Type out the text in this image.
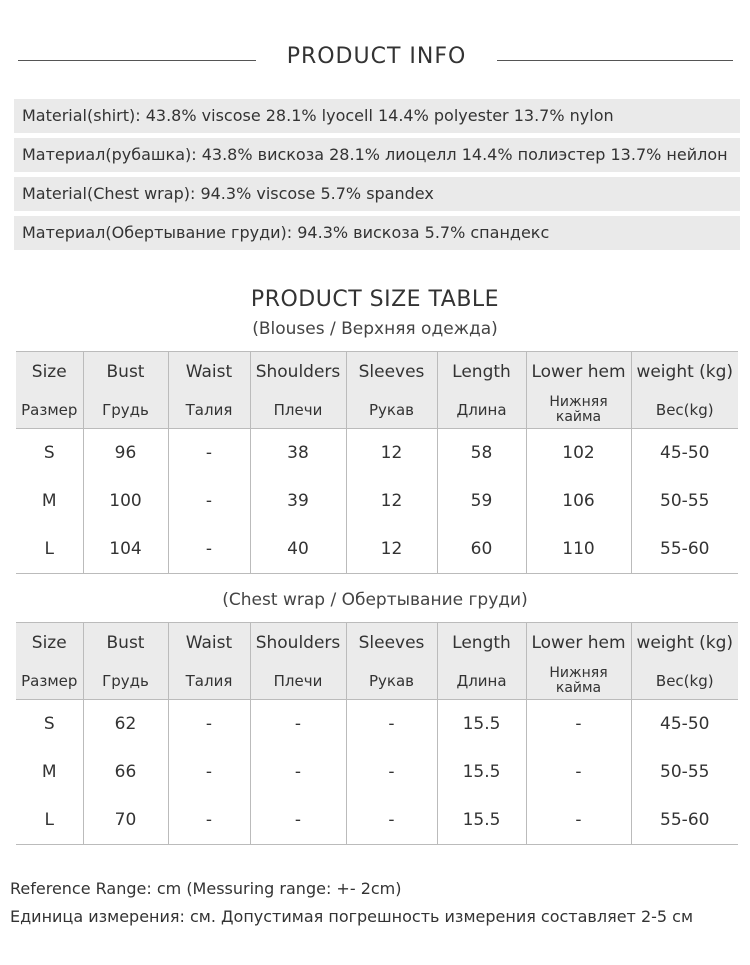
PRODUCT INFO
Material(shirt): 43.8% viscose 28.1% lyocell 14.4% polyester 13.7% nylon
Материал(рубашка): 43.8% вискоза 28.1% лиоцелл 14.4% полиэстер 13.7% нейлон
Material(Chest wrap): 94.3% viscose 5.7% spandex
Материал(Обертывание груди): 94.3% вискоза 5.7% спандекс
PRODUCT SIZE TABLE
(Blouses / Верхняя одежда)
Size	Bust	Waist	Shoulders	Sleeves	Length	Lower hem	weight (kg)
Размер	Грудь	Талия	Плечи	Рукав	Длина	Нижняя кайма	Вес(kg)
S	96	-	38	12	58	102	45-50
M	100	-	39	12	59	106	50-55
L	104	-	40	12	60	110	55-60
(Chest wrap / Обертывание груди)
Size	Bust	Waist	Shoulders	Sleeves	Length	Lower hem	weight (kg)
Размер	Грудь	Талия	Плечи	Рукав	Длина	Нижняя кайма	Вес(kg)
S	62	-	-	-	15.5	-	45-50
M	66	-	-	-	15.5	-	50-55
L	70	-	-	-	15.5	-	55-60
Reference Range: cm (Messuring range: +- 2cm)
Единица измерения: см. Допустимая погрешность измерения составляет 2-5 см
